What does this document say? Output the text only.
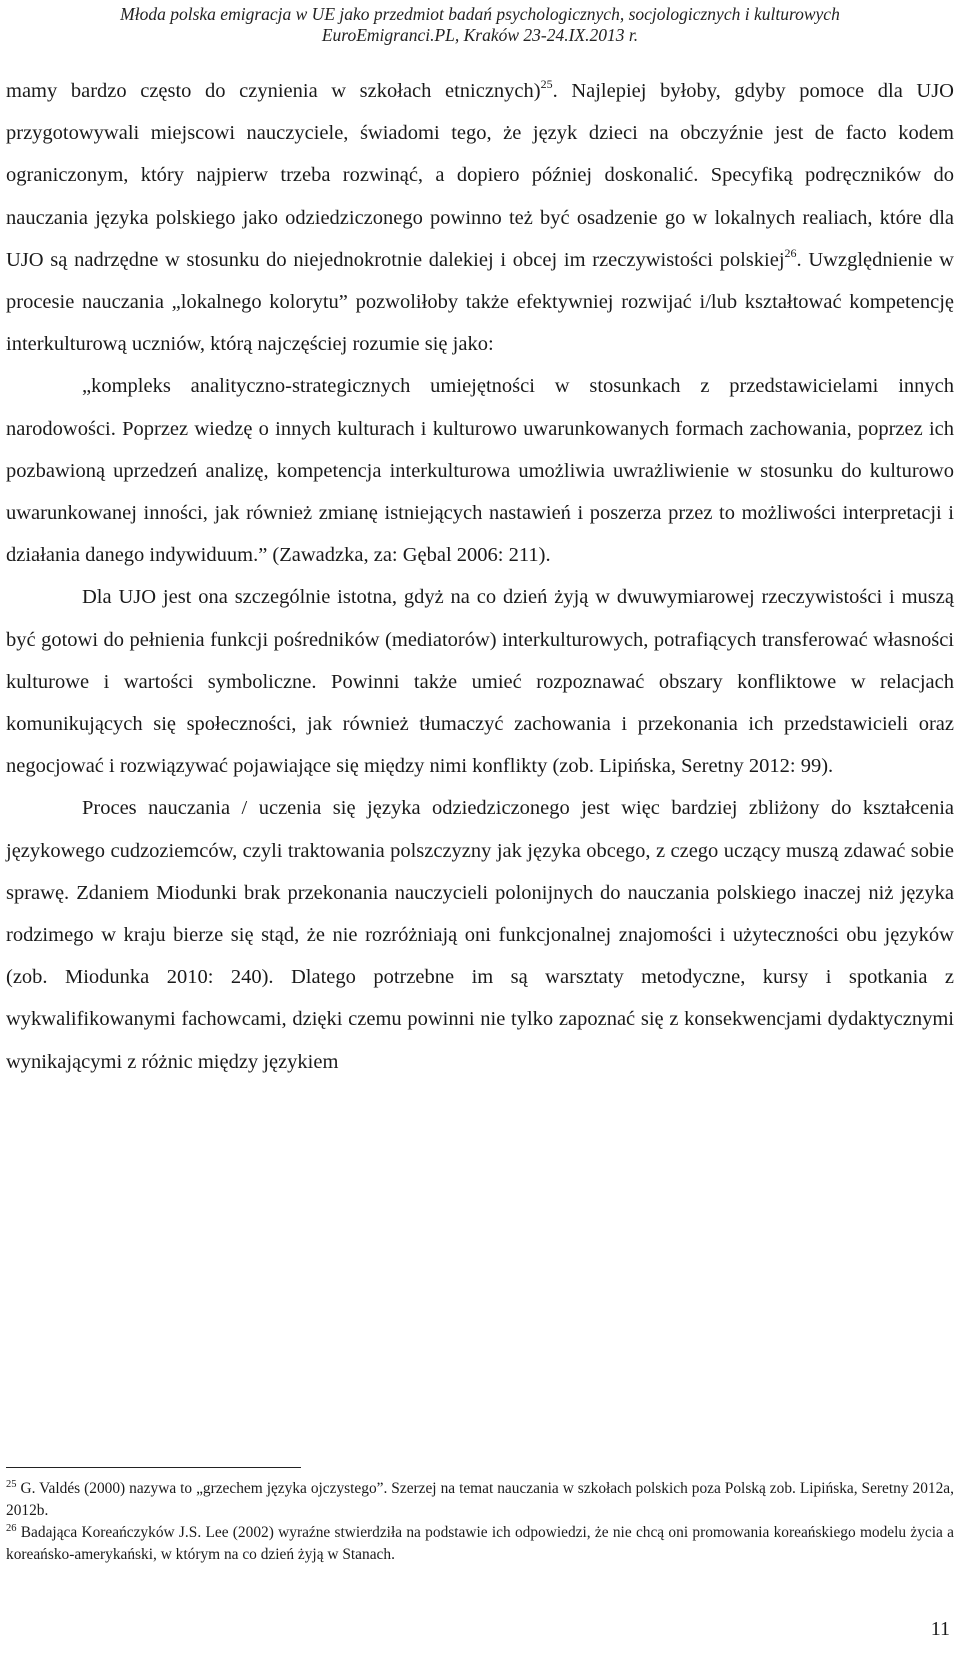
Młoda polska emigracja w UE jako przedmiot badań psychologicznych, socjologicznych i kulturowych
EuroEmigranci.PL, Kraków 23-24.IX.2013 r.

mamy bardzo często do czynienia w szkołach etnicznych)$^{25}$. Najlepiej byłoby, gdyby pomoce dla UJO przygotowywali miejscowi nauczyciele, świadomi tego, że język dzieci na obczyźnie jest de facto kodem ograniczonym, który najpierw trzeba rozwinąć, a dopiero później doskonalić. Specyfiką podręczników do nauczania języka polskiego jako odziedziczonego powinno też być osadzenie go w lokalnych realiach, które dla UJO są nadrzędne w stosunku do niejednokrotnie dalekiej i obcej im rzeczywistości polskiej$^{26}$. Uwzględnienie w procesie nauczania „lokalnego kolorytu” pozwoliłoby także efektywniej rozwijać i/lub kształtować kompetencję interkulturową uczniów, którą najczęściej rozumie się jako:

„kompleks analityczno-strategicznych umiejętności w stosunkach z przedstawicielami innych narodowości. Poprzez wiedzę o innych kulturach i kulturowo uwarunkowanych formach zachowania, poprzez ich pozbawioną uprzedzeń analizę, kompetencja interkulturowa umożliwia uwrażliwienie w stosunku do kulturowo uwarunkowanej inności, jak również zmianę istniejących nastawień i poszerza przez to możliwości interpretacji i działania danego indywiduum.” (Zawadzka, za: Gębal 2006: 211).

Dla UJO jest ona szczególnie istotna, gdyż na co dzień żyją w dwuwymiarowej rzeczywistości i muszą być gotowi do pełnienia funkcji pośredników (mediatorów) interkulturowych, potrafiących transferować własności kulturowe i wartości symboliczne. Powinni także umieć rozpoznawać obszary konfliktowe w relacjach komunikujących się społeczności, jak również tłumaczyć zachowania i przekonania ich przedstawicieli oraz negocjować i rozwiązywać pojawiające się między nimi konflikty (zob. Lipińska, Seretny 2012: 99).

Proces nauczania / uczenia się języka odziedziczonego jest więc bardziej zbliżony do kształcenia językowego cudzoziemców, czyli traktowania polszczyzny jak języka obcego, z czego uczący muszą zdawać sobie sprawę. Zdaniem Miodunki brak przekonania nauczycieli polonijnych do nauczania polskiego inaczej niż języka rodzimego w kraju bierze się stąd, że nie rozróżniają oni funkcjonalnej znajomości i użyteczności obu języków (zob. Miodunka 2010: 240). Dlatego potrzebne im są warsztaty metodyczne, kursy i spotkania z wykwalifikowanymi fachowcami, dzięki czemu powinni nie tylko zapoznać się z konsekwencjami dydaktycznymi wynikającymi z różnic między językiem

$^{25}$ G. Valdés (2000) nazywa to „grzechem języka ojczystego”. Szerzej na temat nauczania w szkołach polskich poza Polską zob. Lipińska, Seretny 2012a, 2012b.

$^{26}$ Badająca Koreańczyków J.S. Lee (2002) wyraźne stwierdziła na podstawie ich odpowiedzi, że nie chcą oni promowania koreańskiego modelu życia a koreańsko-amerykański, w którym na co dzień żyją w Stanach.

11
